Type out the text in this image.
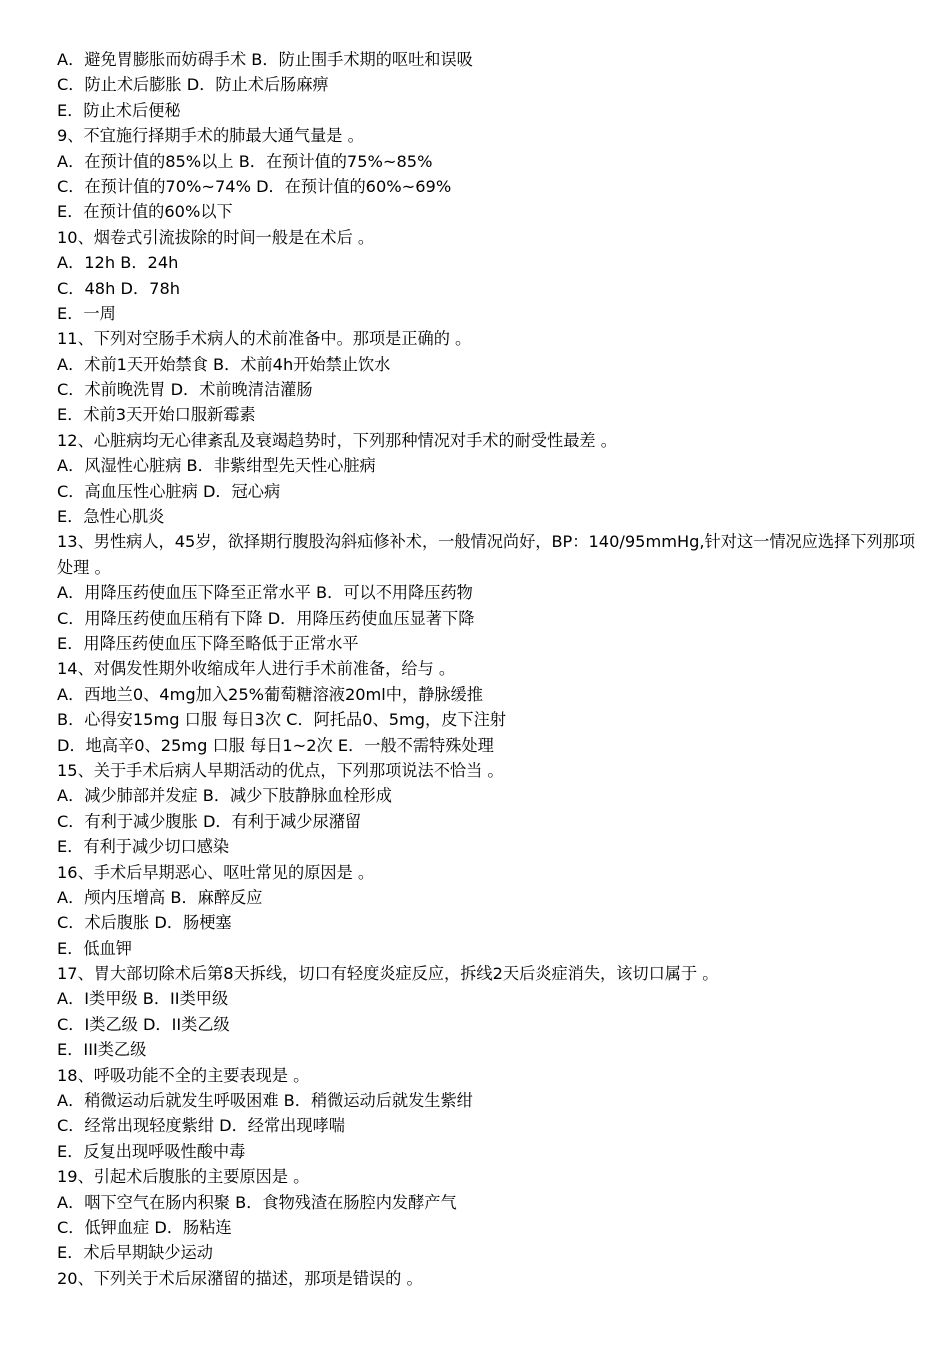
A．避免胃膨胀而妨碍手术 B．防止围手术期的呕吐和误吸
C．防止术后膨胀 D．防止术后肠麻痹
E．防止术后便秘
9、不宜施行择期手术的肺最大通气量是 。
A．在预计值的85%以上 B．在预计值的75%~85%
C．在预计值的70%~74% D．在预计值的60%~69%
E．在预计值的60%以下
10、烟卷式引流拔除的时间一般是在术后 。
A．12h B．24h
C．48h D．78h
E．一周
11、下列对空肠手术病人的术前准备中。那项是正确的 。
A．术前1天开始禁食 B．术前4h开始禁止饮水
C．术前晚洗胃 D．术前晚清洁灌肠
E．术前3天开始口服新霉素
12、心脏病均无心律紊乱及衰竭趋势时，下列那种情况对手术的耐受性最差 。
A．风湿性心脏病 B．非紫绀型先天性心脏病
C．高血压性心脏病 D．冠心病
E．急性心肌炎
13、男性病人，45岁，欲择期行腹股沟斜疝修补术，一般情况尚好，BP：140/95mmHg,针对这一情况应选择下列那项处理 。
A．用降压药使血压下降至正常水平 B．可以不用降压药物
C．用降压药使血压稍有下降 D．用降压药使血压显著下降
E．用降压药使血压下降至略低于正常水平
14、对偶发性期外收缩成年人进行手术前准备，给与 。
A．西地兰0、4mg加入25%葡萄糖溶液20ml中，静脉缓推
B．心得安15mg 口服 每日3次 C．阿托品0、5mg，皮下注射
D．地高辛0、25mg 口服 每日1~2次 E．一般不需特殊处理
15、关于手术后病人早期活动的优点，下列那项说法不恰当 。
A．减少肺部并发症 B．减少下肢静脉血栓形成
C．有利于减少腹胀 D．有利于减少尿潴留
E．有利于减少切口感染
16、手术后早期恶心、呕吐常见的原因是 。
A．颅内压增高 B．麻醉反应
C．术后腹胀 D．肠梗塞
E．低血钾
17、胃大部切除术后第8天拆线，切口有轻度炎症反应，拆线2天后炎症消失，该切口属于 。
A．I类甲级 B．II类甲级
C．I类乙级 D．II类乙级
E．III类乙级
18、呼吸功能不全的主要表现是 。
A．稍微运动后就发生呼吸困难 B．稍微运动后就发生紫绀
C．经常出现轻度紫绀 D．经常出现哮喘
E．反复出现呼吸性酸中毒
19、引起术后腹胀的主要原因是 。
A．咽下空气在肠内积聚 B．食物残渣在肠腔内发酵产气
C．低钾血症 D．肠粘连
E．术后早期缺少运动
20、下列关于术后尿潴留的描述，那项是错误的 。
